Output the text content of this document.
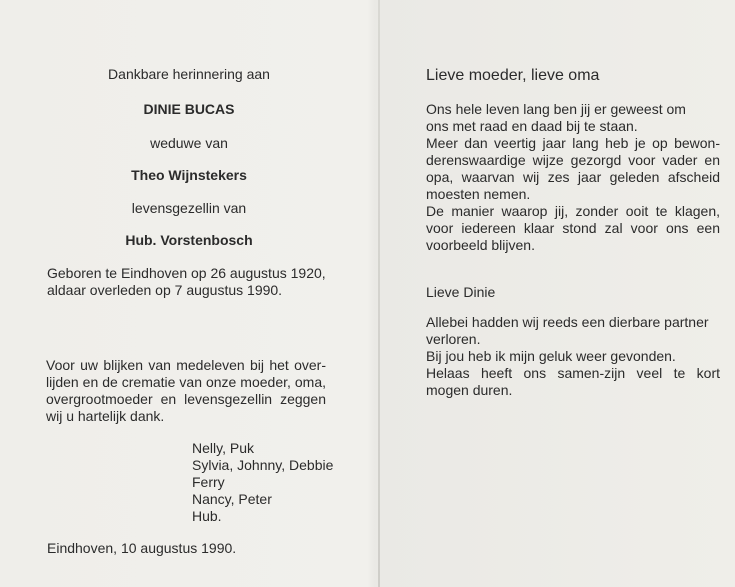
Dankbare herinnering aan
DINIE BUCAS
weduwe van
Theo Wijnstekers
levensgezellin van
Hub. Vorstenbosch
Geboren te Eindhoven op 26 augustus 1920,
aldaar overleden op 7 augustus 1990.
Voor uw blijken van medeleven bij het over-
lijden en de crematie van onze moeder, oma,
overgrootmoeder en levensgezellin zeggen
wij u hartelijk dank.
Nelly, Puk
Sylvia, Johnny, Debbie
Ferry
Nancy, Peter
Hub.
Eindhoven, 10 augustus 1990.
Lieve moeder, lieve oma
Ons hele leven lang ben jij er geweest om
ons met raad en daad bij te staan.
Meer dan veertig jaar lang heb je op bewon-
derenswaardige wijze gezorgd voor vader en
opa, waarvan wij zes jaar geleden afscheid
moesten nemen.
De manier waarop jij, zonder ooit te klagen,
voor iedereen klaar stond zal voor ons een
voorbeeld blijven.
Lieve Dinie
Allebei hadden wij reeds een dierbare partner
verloren.
Bij jou heb ik mijn geluk weer gevonden.
Helaas heeft ons samen-zijn veel te kort
mogen duren.
